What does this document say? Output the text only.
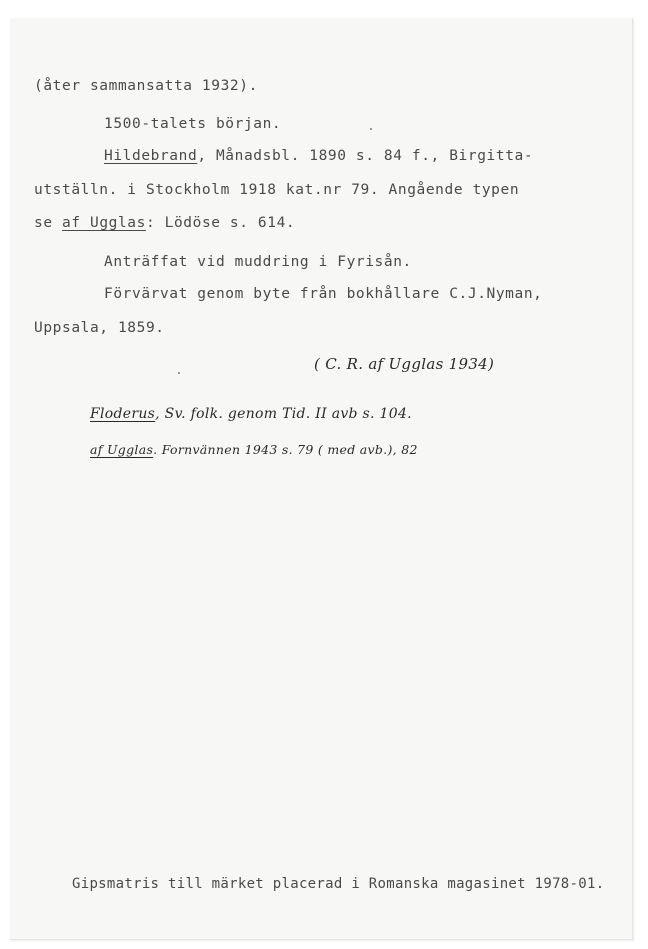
(åter sammansatta 1932).
1500-talets början.
Hildebrand, Månadsbl. 1890 s. 84 f., Birgitta-
utställn. i Stockholm 1918 kat.nr 79. Angående typen
se af Ugglas: Lödöse s. 614.
Anträffat vid muddring i Fyrisån.
Förvärvat genom byte från bokhållare C.J.Nyman,
Uppsala, 1859.
( C. R. af Ugglas 1934)
Floderus, Sv. folk. genom Tid. II avb s. 104.
af Ugglas. Fornvännen 1943 s. 79 ( med avb.), 82
Gipsmatris till märket placerad i Romanska magasinet 1978-01.
